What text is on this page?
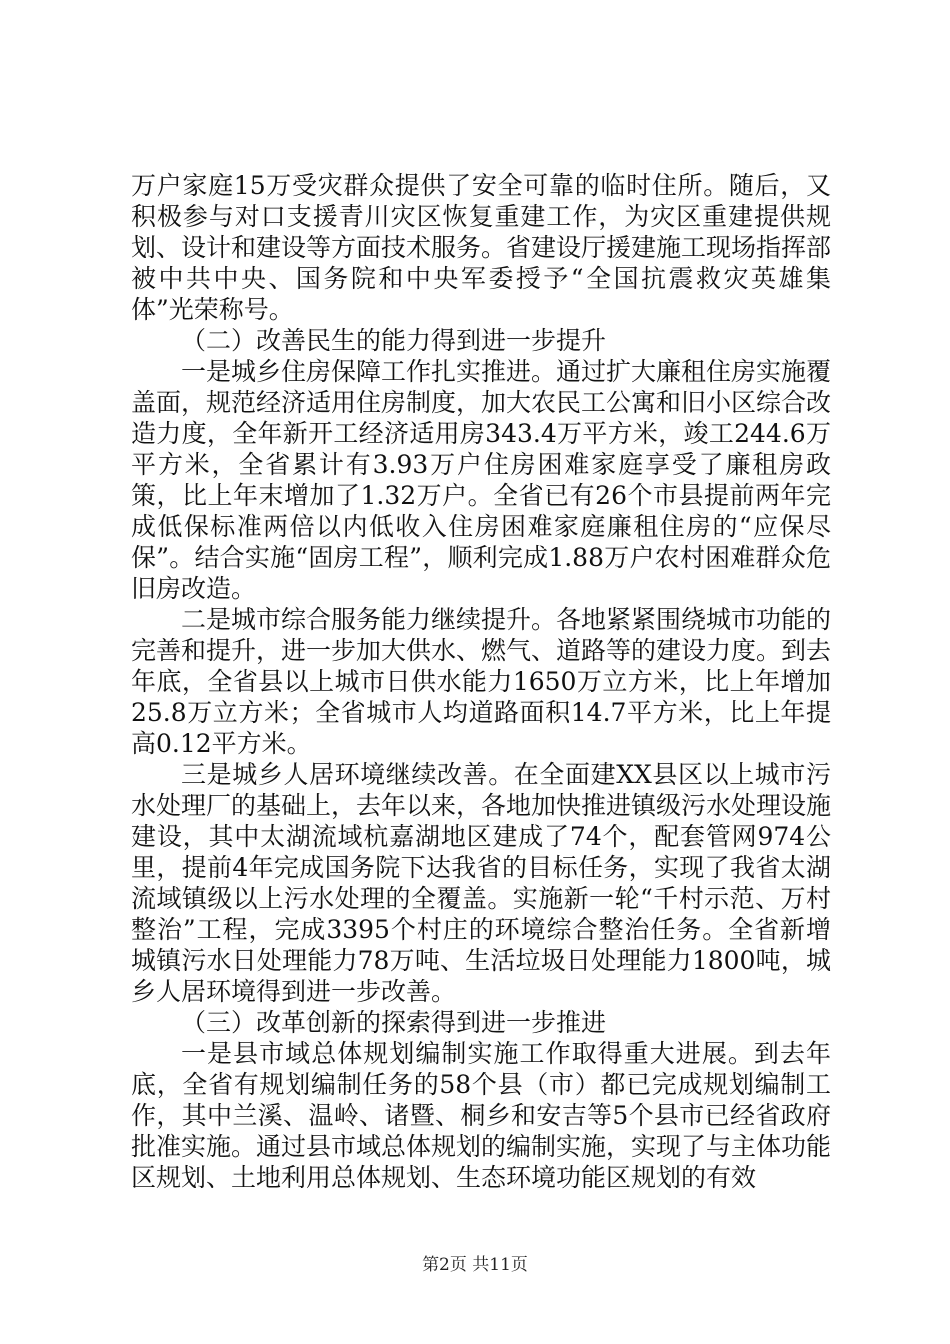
万户家庭15万受灾群众提供了安全可靠的临时住所。随后，又积极参与对口支援青川灾区恢复重建工作，为灾区重建提供规划、设计和建设等方面技术服务。省建设厅援建施工现场指挥部被中共中央、国务院和中央军委授予“全国抗震救灾英雄集体”光荣称号。

（二）改善民生的能力得到进一步提升

一是城乡住房保障工作扎实推进。通过扩大廉租住房实施覆盖面，规范经济适用住房制度，加大农民工公寓和旧小区综合改造力度，全年新开工经济适用房343.4万平方米，竣工244.6万平方米，全省累计有3.93万户住房困难家庭享受了廉租房政策，比上年末增加了1.32万户。全省已有26个市县提前两年完成低保标准两倍以内低收入住房困难家庭廉租住房的“应保尽保”。结合实施“固房工程”，顺利完成1.88万户农村困难群众危旧房改造。

二是城市综合服务能力继续提升。各地紧紧围绕城市功能的完善和提升，进一步加大供水、燃气、道路等的建设力度。到去年底，全省县以上城市日供水能力1650万立方米，比上年增加25.8万立方米；全省城市人均道路面积14.7平方米，比上年提高0.12平方米。

三是城乡人居环境继续改善。在全面建XX县区以上城市污水处理厂的基础上，去年以来，各地加快推进镇级污水处理设施建设，其中太湖流域杭嘉湖地区建成了74个，配套管网974公里，提前4年完成国务院下达我省的目标任务，实现了我省太湖流域镇级以上污水处理的全覆盖。实施新一轮“千村示范、万村整治”工程，完成3395个村庄的环境综合整治任务。全省新增城镇污水日处理能力78万吨、生活垃圾日处理能力1800吨，城乡人居环境得到进一步改善。

（三）改革创新的探索得到进一步推进

一是县市域总体规划编制实施工作取得重大进展。到去年底，全省有规划编制任务的58个县（市）都已完成规划编制工作，其中兰溪、温岭、诸暨、桐乡和安吉等5个县市已经省政府批准实施。通过县市域总体规划的编制实施，实现了与主体功能区规划、土地利用总体规划、生态环境功能区规划的有效

第2页 共11页
